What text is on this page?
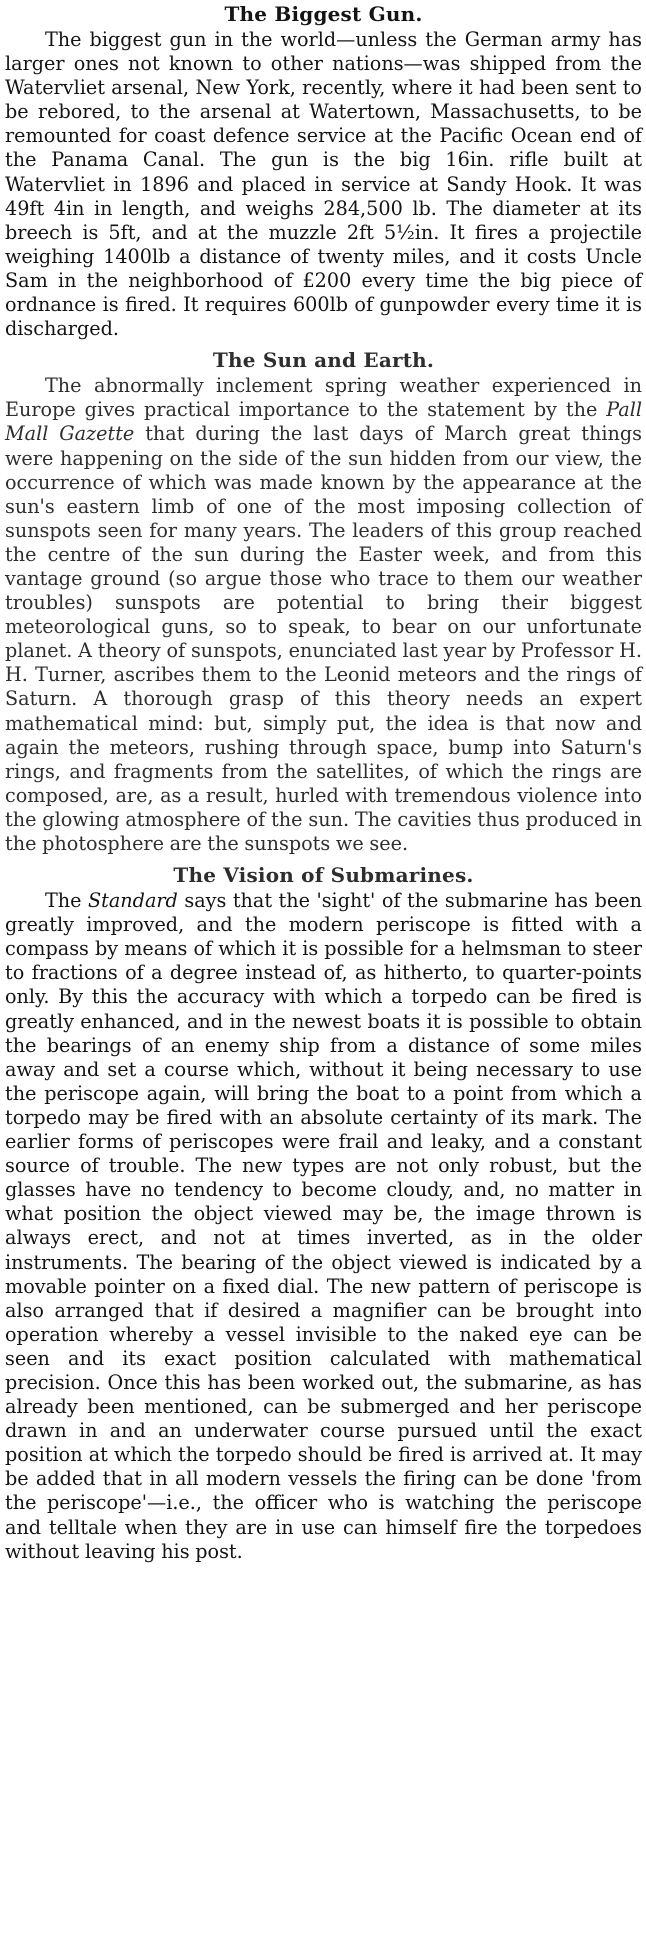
The Biggest Gun.

The biggest gun in the world—unless the German army has larger ones not known to other nations—was shipped from the Watervliet arsenal, New York, recently, where it had been sent to be rebored, to the arsenal at Watertown, Massachusetts, to be remounted for coast defence service at the Pacific Ocean end of the Panama Canal. The gun is the big 16in. rifle built at Watervliet in 1896 and placed in service at Sandy Hook. It was 49ft 4in in length, and weighs 284,500 lb. The diameter at its breech is 5ft, and at the muzzle 2ft 5½in. It fires a projectile weighing 1400lb a distance of twenty miles, and it costs Uncle Sam in the neighborhood of £200 every time the big piece of ordnance is fired. It requires 600lb of gunpowder every time it is discharged.

The Sun and Earth.

The abnormally inclement spring weather experienced in Europe gives practical importance to the statement by the Pall Mall Gazette that during the last days of March great things were happening on the side of the sun hidden from our view, the occurrence of which was made known by the appearance at the sun's eastern limb of one of the most imposing collection of sunspots seen for many years. The leaders of this group reached the centre of the sun during the Easter week, and from this vantage ground (so argue those who trace to them our weather troubles) sunspots are potential to bring their biggest meteorological guns, so to speak, to bear on our unfortunate planet. A theory of sunspots, enunciated last year by Professor H. H. Turner, ascribes them to the Leonid meteors and the rings of Saturn. A thorough grasp of this theory needs an expert mathematical mind: but, simply put, the idea is that now and again the meteors, rushing through space, bump into Saturn's rings, and fragments from the satellites, of which the rings are composed, are, as a result, hurled with tremendous violence into the glowing atmosphere of the sun. The cavities thus produced in the photosphere are the sunspots we see.

The Vision of Submarines.

The Standard says that the 'sight' of the submarine has been greatly improved, and the modern periscope is fitted with a compass by means of which it is possible for a helmsman to steer to fractions of a degree instead of, as hitherto, to quarter-points only. By this the accuracy with which a torpedo can be fired is greatly enhanced, and in the newest boats it is possible to obtain the bearings of an enemy ship from a distance of some miles away and set a course which, without it being necessary to use the periscope again, will bring the boat to a point from which a torpedo may be fired with an absolute certainty of its mark. The earlier forms of periscopes were frail and leaky, and a constant source of trouble. The new types are not only robust, but the glasses have no tendency to become cloudy, and, no matter in what position the object viewed may be, the image thrown is always erect, and not at times inverted, as in the older instruments. The bearing of the object viewed is indicated by a movable pointer on a fixed dial. The new pattern of periscope is also arranged that if desired a magnifier can be brought into operation whereby a vessel invisible to the naked eye can be seen and its exact position calculated with mathematical precision. Once this has been worked out, the submarine, as has already been mentioned, can be submerged and her periscope drawn in and an underwater course pursued until the exact position at which the torpedo should be fired is arrived at. It may be added that in all modern vessels the firing can be done 'from the periscope'—i.e., the officer who is watching the periscope and telltale when they are in use can himself fire the torpedoes without leaving his post.
